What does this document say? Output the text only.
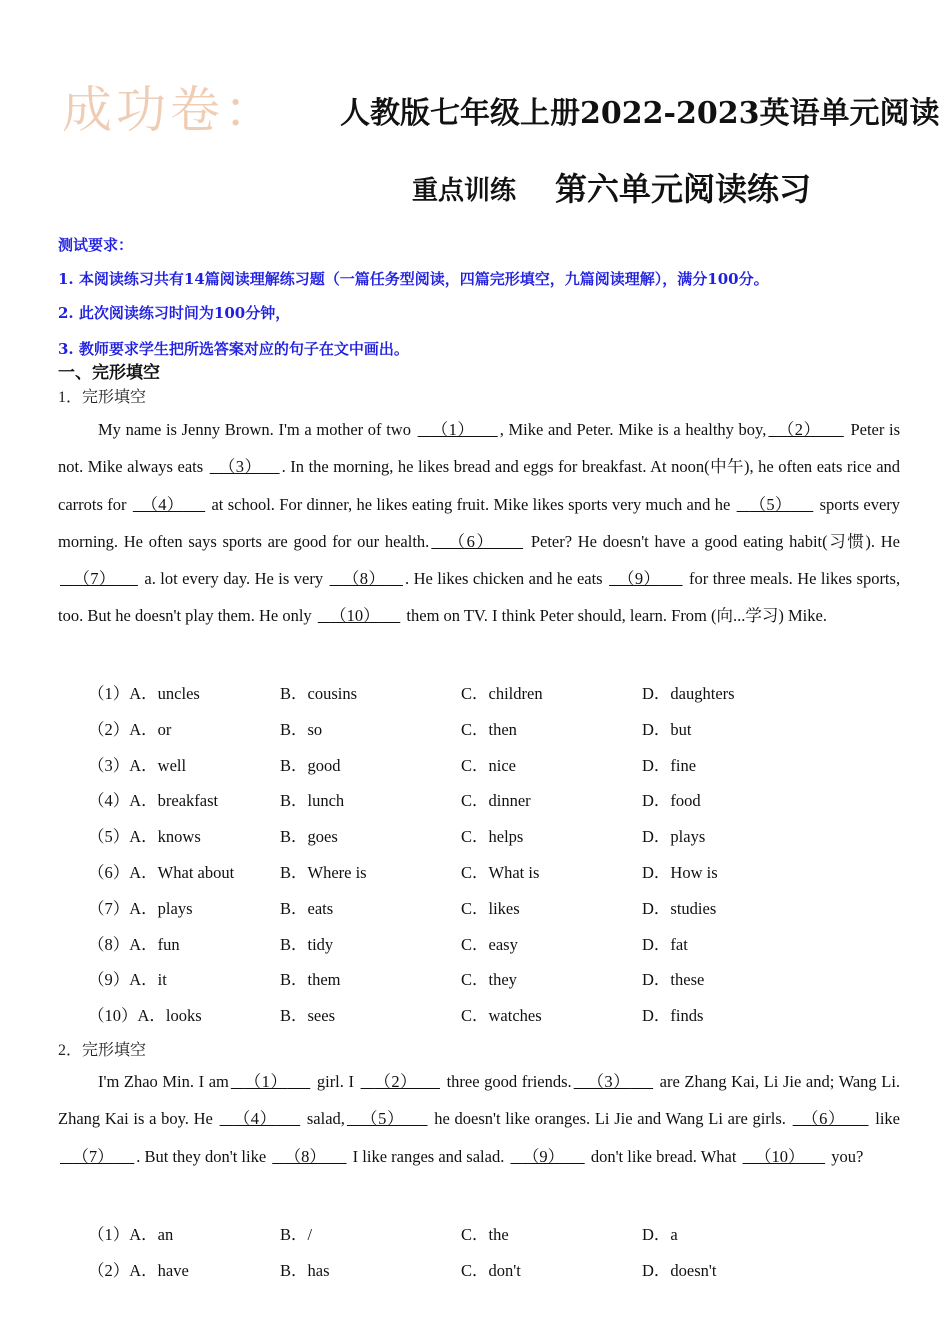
成功卷： 人教版七年级上册2022-2023英语单元阅读
重点训练 第六单元阅读练习
测试要求：
1. 本阅读练习共有14篇阅读理解练习题（一篇任务型阅读，四篇完形填空，九篇阅读理解），满分100分。
2. 此次阅读练习时间为100分钟，
3. 教师要求学生把所选答案对应的句子在文中画出。
一、完形填空
1．完形填空

My name is Jenny Brown. I'm a mother of two    （1） , Mike and Peter. Mike is a healthy boy, （2）      Peter is not. Mike always eats   （3） . In the morning, he likes bread and eggs for breakfast. At noon(中午), he often eats rice and carrots for   （4）      at school. For dinner, he likes eating fruit. Mike likes sports very much and he    （5）      sports every morning. He often says sports are good for our health. （6）      Peter? He doesn't have a good eating habit(习惯). He    （7）      a. lot every day. He is very    （8） . He likes chicken and he eats   （9）      for three meals. He likes sports, too. But he doesn't play them. He only    （10）      them on TV. I think Peter should, learn. From (向...学习) Mike.

（1）A．uncles	B．cousins	C．children	D．daughters
（2）A．or	B．so	C．then	D．but
（3）A．well	B．good	C．nice	D．fine
（4）A．breakfast	B．lunch	C．dinner	D．food
（5）A．knows	B．goes	C．helps	D．plays
（6）A．What about	B．Where is	C．What is	D．How is
（7）A．plays	B．eats	C．likes	D．studies
（8）A．fun	B．tidy	C．easy	D．fat
（9）A．it	B．them	C．they	D．these
（10）A．looks	B．sees	C．watches	D．finds
2．完形填空

I'm Zhao Min. I am （1）      girl. I    （2）      three good friends. （3）      are Zhang Kai, Li Jie and; Wang Li. Zhang Kai is a boy. He    （4）      salad, （5）      he doesn't like oranges. Li Jie and Wang Li are girls.   （6）      like   （7） . But they don't like    （8）      I like ranges and salad.    （9）      don't like bread. What    （10）      you?

（1）A．an	B．/	C．the	D．a
（2）A．have	B．has	C．don't	D．doesn't
